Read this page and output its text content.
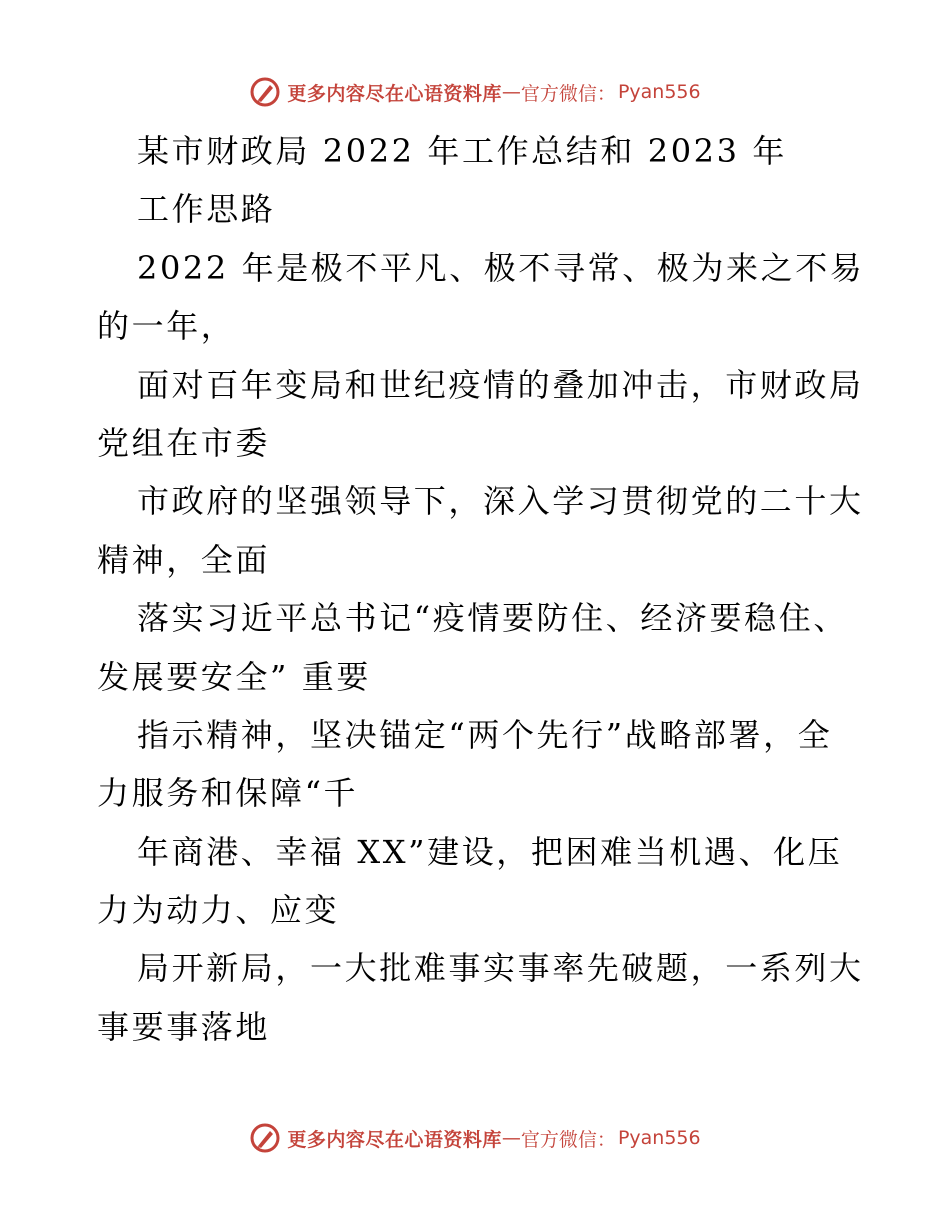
更多内容尽在心语资料库 — 官方微信： Pyan556
某市财政局 2022 年工作总结和 2023 年
工作思路
2022 年是极不平凡、极不寻常、极为来之不易
的一年，
面对百年变局和世纪疫情的叠加冲击，市财政局
党组在市委
市政府的坚强领导下，深入学习贯彻党的二十大
精神，全面
落实习近平总书记“疫情要防住、经济要稳住、
发展要安全” 重要
指示精神，坚决锚定“两个先行”战略部署，全
力服务和保障“千
年商港、幸福 XX”建设，把困难当机遇、化压
力为动力、应变
局开新局，一大批难事实事率先破题，一系列大
事要事落地
更多内容尽在心语资料库 — 官方微信： Pyan556
